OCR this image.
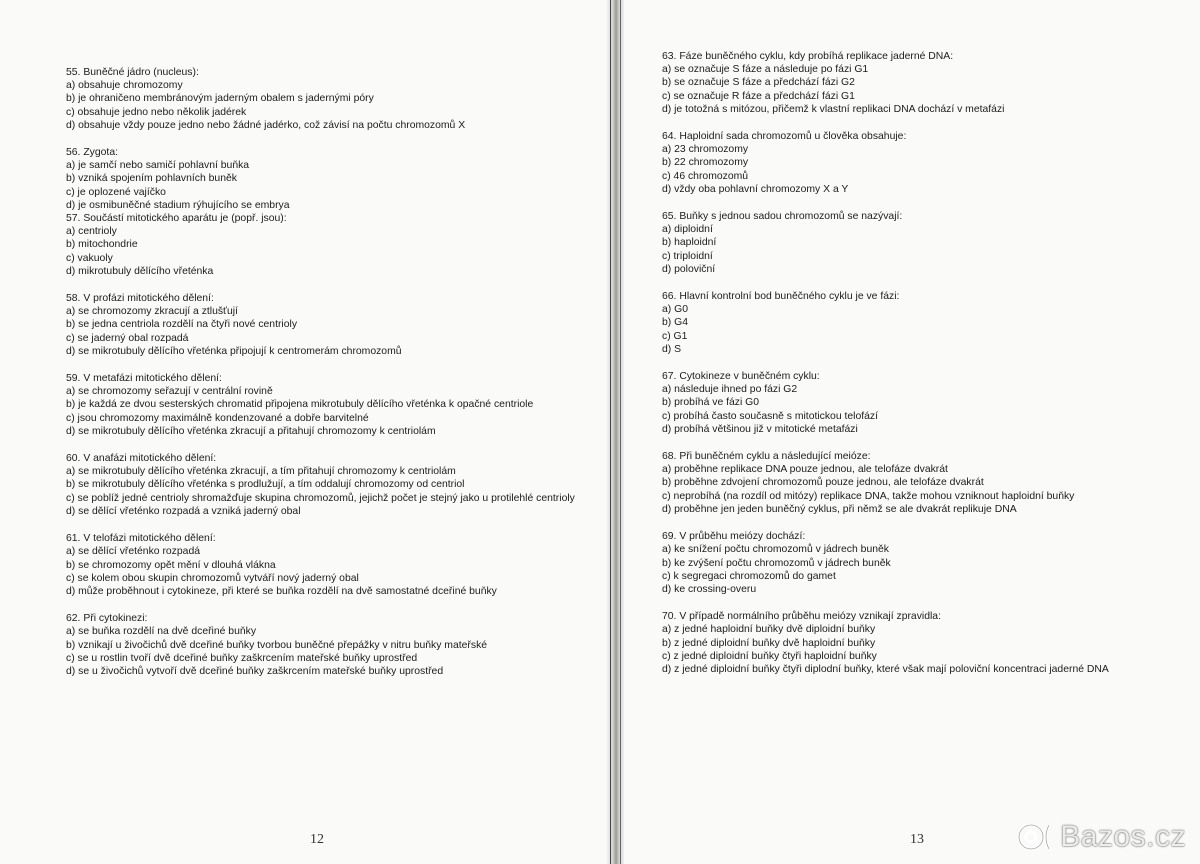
55. Buněčné jádro (nucleus):

a) obsahuje chromozomy

b) je ohraničeno membránovým jaderným obalem s jadernými póry

c) obsahuje jedno nebo několik jadérek

d) obsahuje vždy pouze jedno nebo žádné jadérko, což závisí na počtu chromozomů X

56. Zygota:

a) je samčí nebo samičí pohlavní buňka

b) vzniká spojením pohlavních buněk

c) je oplozené vajíčko

d) je osmibuněčné stadium rýhujícího se embrya

57. Součástí mitotického aparátu je (popř. jsou):

a) centrioly

b) mitochondrie

c) vakuoly

d) mikrotubuly dělícího vřeténka

58. V profázi mitotického dělení:

a) se chromozomy zkracují a ztlušťují

b) se jedna centriola rozdělí na čtyři nové centrioly

c) se jaderný obal rozpadá

d) se mikrotubuly dělícího vřeténka připojují k centromerám chromozomů

59. V metafázi mitotického dělení:

a) se chromozomy seřazují v centrální rovině

b) je každá ze dvou sesterských chromatid připojena mikrotubuly dělícího vřeténka k opačné centriole

c) jsou chromozomy maximálně kondenzované a dobře barvitelné

d) se mikrotubuly dělícího vřeténka zkracují a přitahují chromozomy k centriolám

60. V anafázi mitotického dělení:

a) se mikrotubuly dělícího vřeténka zkracují, a tím přitahují chromozomy k centriolám

b) se mikrotubuly dělícího vřeténka s prodlužují, a tím oddalují chromozomy od centriol

c) se poblíž jedné centrioly shromažďuje skupina chromozomů, jejichž počet je stejný jako u protilehlé centrioly

d) se dělící vřeténko rozpadá a vzniká jaderný obal

61. V telofázi mitotického dělení:

a) se dělící vřeténko rozpadá

b) se chromozomy opět mění v dlouhá vlákna

c) se kolem obou skupin chromozomů vytváří nový jaderný obal

d) může proběhnout i cytokineze, při které se buňka rozdělí na dvě samostatné dceřiné buňky

62. Při cytokinezi:

a) se buňka rozdělí na dvě dceřiné buňky

b) vznikají u živočichů dvě dceřiné buňky tvorbou buněčné přepážky v nitru buňky mateřské

c) se u rostlin tvoří dvě dceřiné buňky zaškrcením mateřské buňky uprostřed

d) se u živočichů vytvoří dvě dceřiné buňky zaškrcením mateřské buňky uprostřed

12

63. Fáze buněčného cyklu, kdy probíhá replikace jaderné DNA:

a) se označuje S fáze a následuje po fázi G1

b) se označuje S fáze a předchází fázi G2

c) se označuje R fáze a předchází fázi G1

d) je totožná s mitózou, přičemž k vlastní replikaci DNA dochází v metafázi

64. Haploidní sada chromozomů u člověka obsahuje:

a) 23 chromozomy

b) 22 chromozomy

c) 46 chromozomů

d) vždy oba pohlavní chromozomy X a Y

65. Buňky s jednou sadou chromozomů se nazývají:

a) diploidní

b) haploidní

c) triploidní

d) poloviční

66. Hlavní kontrolní bod buněčného cyklu je ve fázi:

a) G0

b) G4

c) G1

d) S

67. Cytokineze v buněčném cyklu:

a) následuje ihned po fázi G2

b) probíhá ve fázi G0

c) probíhá často současně s mitotickou telofází

d) probíhá většinou již v mitotické metafázi

68. Při buněčném cyklu a následující meióze:

a) proběhne replikace DNA pouze jednou, ale telofáze dvakrát

b) proběhne zdvojení chromozomů pouze jednou, ale telofáze dvakrát

c) neprobíhá (na rozdíl od mitózy) replikace DNA, takže mohou vzniknout haploidní buňky

d) proběhne jen jeden buněčný cyklus, při němž se ale dvakrát replikuje DNA

69. V průběhu meiózy dochází:

a) ke snížení počtu chromozomů v jádrech buněk

b) ke zvýšení počtu chromozomů v jádrech buněk

c) k segregaci chromozomů do gamet

d) ke crossing-overu

70. V případě normálního průběhu meiózy vznikají zpravidla:

a) z jedné haploidní buňky dvě diploidní buňky

b) z jedné diploidní buňky dvě haploidní buňky

c) z jedné diploidní buňky čtyři haploidní buňky

d) z jedné diploidní buňky čtyři diplodní buňky, které však mají poloviční koncentraci jaderné DNA

13	Bazos.cz
